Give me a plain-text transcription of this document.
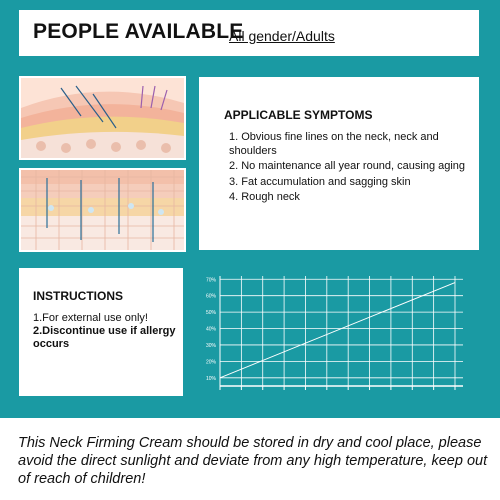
PEOPLE AVAILABLE
All gender/Adults
APPLICABLE SYMPTOMS
1. Obvious fine lines on the neck, neck and shoulders
2. No maintenance all year round, causing aging
3. Fat accumulation and sagging skin
4. Rough neck
INSTRUCTIONS
1.For external use only!
2.Discontinue use if allergy occurs
10%
20%
30%
40%
50%
60%
70%
This Neck Firming Cream should be stored in dry and cool place, please avoid the direct sunlight and deviate from any high temperature, keep out of reach of children!
